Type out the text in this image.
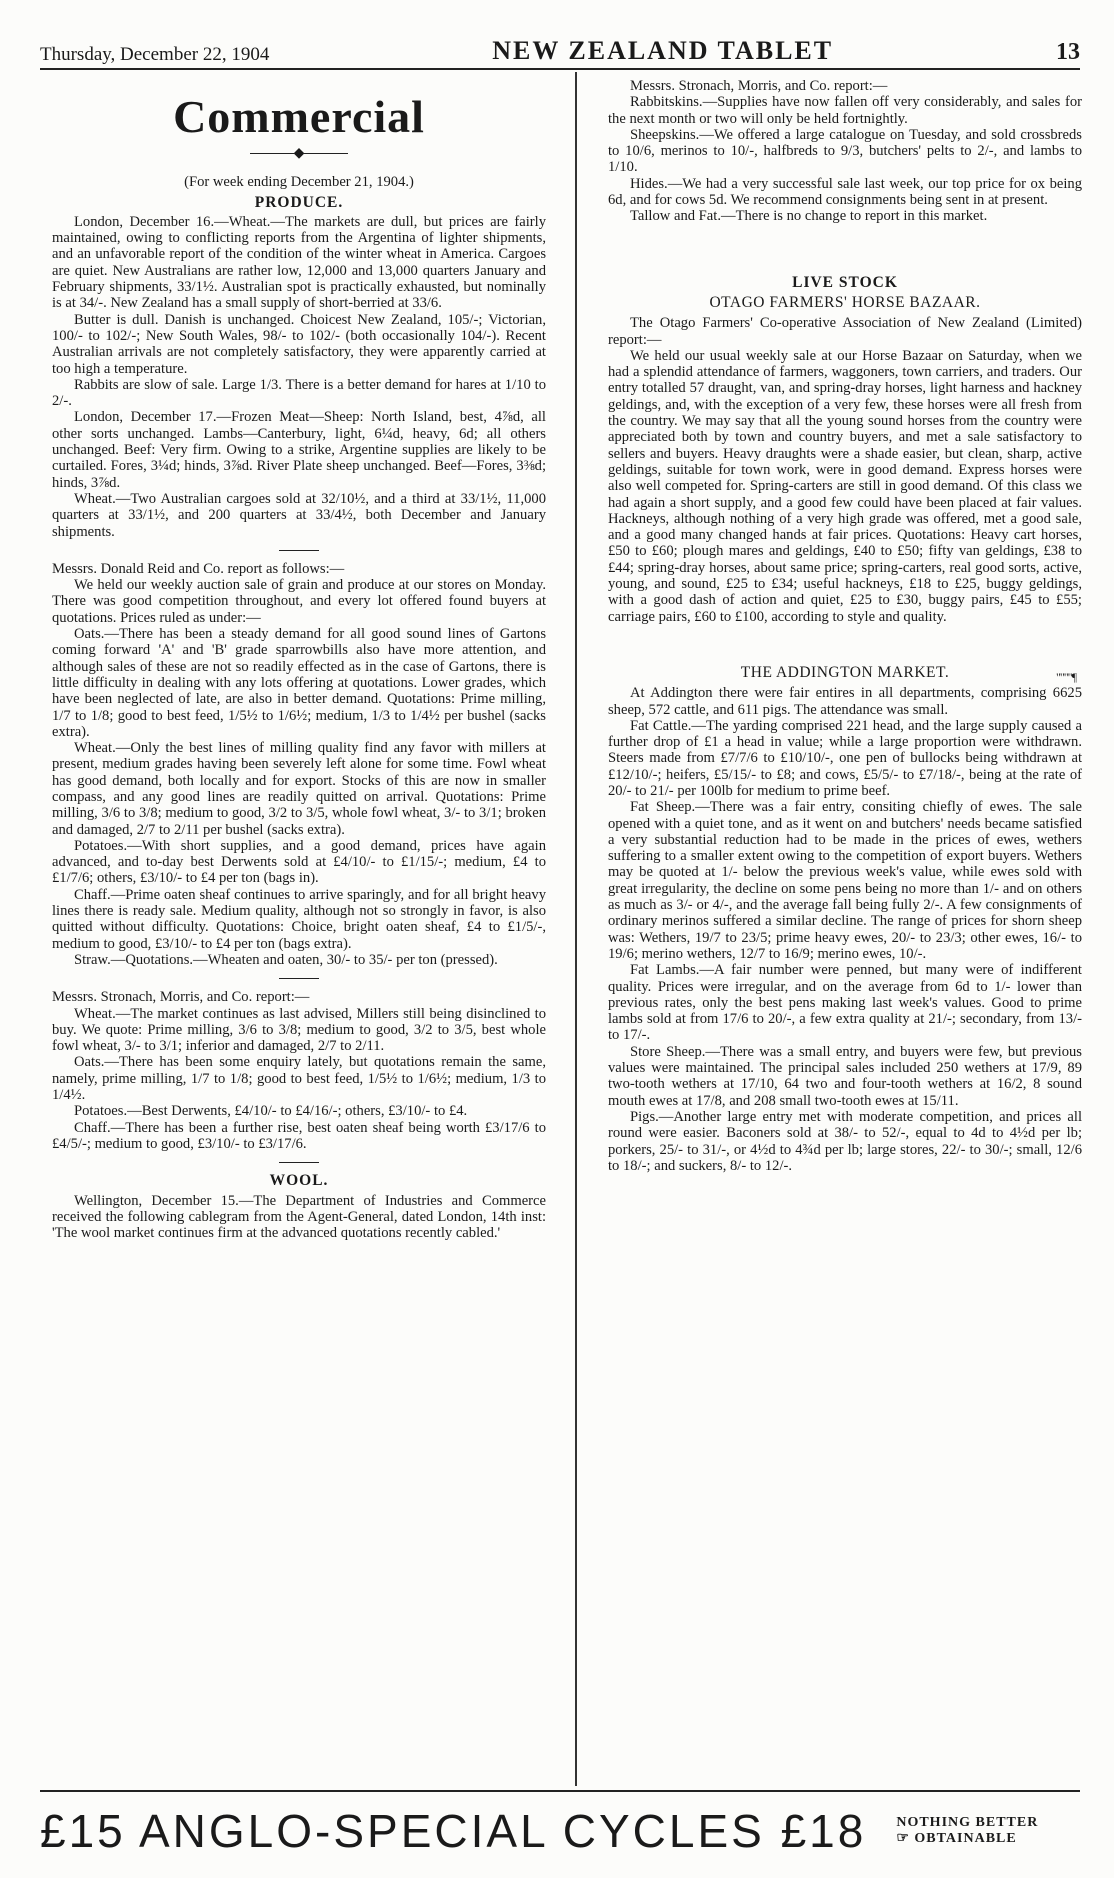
Thursday, December 22, 1904	NEW ZEALAND TABLET	13
Commercial
◆

(For week ending December 21, 1904.)

PRODUCE.

London, December 16.—Wheat.—The markets are dull, but prices are fairly maintained, owing to conflicting reports from the Argentina of lighter shipments, and an unfavorable report of the condition of the winter wheat in America. Cargoes are quiet. New Australians are rather low, 12,000 and 13,000 quarters January and February shipments, 33/1½. Australian spot is practically exhausted, but nominally is at 34/-. New Zealand has a small supply of short-berried at 33/6.

Butter is dull. Danish is unchanged. Choicest New Zealand, 105/-; Victorian, 100/- to 102/-; New South Wales, 98/- to 102/- (both occasionally 104/-). Recent Australian arrivals are not completely satisfactory, they were apparently carried at too high a temperature.

Rabbits are slow of sale. Large 1/3. There is a better demand for hares at 1/10 to 2/-.

London, December 17.—Frozen Meat—Sheep: North Island, best, 4⅞d, all other sorts unchanged. Lambs—Canterbury, light, 6¼d, heavy, 6d; all others unchanged. Beef: Very firm. Owing to a strike, Argentine supplies are likely to be curtailed. Fores, 3¼d; hinds, 3⅞d. River Plate sheep unchanged. Beef—Fores, 3⅜d; hinds, 3⅞d.

Wheat.—Two Australian cargoes sold at 32/10½, and a third at 33/1½, 11,000 quarters at 33/1½, and 200 quarters at 33/4½, both December and January shipments.

Messrs. Donald Reid and Co. report as follows:—

We held our weekly auction sale of grain and produce at our stores on Monday. There was good competition throughout, and every lot offered found buyers at quotations. Prices ruled as under:—

Oats.—There has been a steady demand for all good sound lines of Gartons coming forward 'A' and 'B' grade sparrowbills also have more attention, and although sales of these are not so readily effected as in the case of Gartons, there is little difficulty in dealing with any lots offering at quotations. Lower grades, which have been neglected of late, are also in better demand. Quotations: Prime milling, 1/7 to 1/8; good to best feed, 1/5½ to 1/6½; medium, 1/3 to 1/4½ per bushel (sacks extra).

Wheat.—Only the best lines of milling quality find any favor with millers at present, medium grades having been severely left alone for some time. Fowl wheat has good demand, both locally and for export. Stocks of this are now in smaller compass, and any good lines are readily quitted on arrival. Quotations: Prime milling, 3/6 to 3/8; medium to good, 3/2 to 3/5, whole fowl wheat, 3/- to 3/1; broken and damaged, 2/7 to 2/11 per bushel (sacks extra).

Potatoes.—With short supplies, and a good demand, prices have again advanced, and to-day best Derwents sold at £4/10/- to £1/15/-; medium, £4 to £1/7/6; others, £3/10/- to £4 per ton (bags in).

Chaff.—Prime oaten sheaf continues to arrive sparingly, and for all bright heavy lines there is ready sale. Medium quality, although not so strongly in favor, is also quitted without difficulty. Quotations: Choice, bright oaten sheaf, £4 to £1/5/-, medium to good, £3/10/- to £4 per ton (bags extra).

Straw.—Quotations.—Wheaten and oaten, 30/- to 35/- per ton (pressed).

Messrs. Stronach, Morris, and Co. report:—

Wheat.—The market continues as last advised, Millers still being disinclined to buy. We quote: Prime milling, 3/6 to 3/8; medium to good, 3/2 to 3/5, best whole fowl wheat, 3/- to 3/1; inferior and damaged, 2/7 to 2/11.

Oats.—There has been some enquiry lately, but quotations remain the same, namely, prime milling, 1/7 to 1/8; good to best feed, 1/5½ to 1/6½; medium, 1/3 to 1/4½.

Potatoes.—Best Derwents, £4/10/- to £4/16/-; others, £3/10/- to £4.

Chaff.—There has been a further rise, best oaten sheaf being worth £3/17/6 to £4/5/-; medium to good, £3/10/- to £3/17/6.

WOOL.

Wellington, December 15.—The Department of Industries and Commerce received the following cablegram from the Agent-General, dated London, 14th inst: 'The wool market continues firm at the advanced quotations recently cabled.'

Messrs. Stronach, Morris, and Co. report:—

Rabbitskins.—Supplies have now fallen off very considerably, and sales for the next month or two will only be held fortnightly.

Sheepskins.—We offered a large catalogue on Tuesday, and sold crossbreds to 10/6, merinos to 10/-, halfbreds to 9/3, butchers' pelts to 2/-, and lambs to 1/10.

Hides.—We had a very successful sale last week, our top price for ox being 6d, and for cows 5d. We recommend consignments being sent in at present.

Tallow and Fat.—There is no change to report in this market.

LIVE STOCK
OTAGO FARMERS' HORSE BAZAAR.

The Otago Farmers' Co-operative Association of New Zealand (Limited) report:—

We held our usual weekly sale at our Horse Bazaar on Saturday, when we had a splendid attendance of farmers, waggoners, town carriers, and traders. Our entry totalled 57 draught, van, and spring-dray horses, light harness and hackney geldings, and, with the exception of a very few, these horses were all fresh from the country. We may say that all the young sound horses from the country were appreciated both by town and country buyers, and met a sale satisfactory to sellers and buyers. Heavy draughts were a shade easier, but clean, sharp, active geldings, suitable for town work, were in good demand. Express horses were also well competed for. Spring-carters are still in good demand. Of this class we had again a short supply, and a good few could have been placed at fair values. Hackneys, although nothing of a very high grade was offered, met a good sale, and a good many changed hands at fair prices. Quotations: Heavy cart horses, £50 to £60; plough mares and geldings, £40 to £50; fifty van geldings, £38 to £44; spring-dray horses, about same price; spring-carters, real good sorts, active, young, and sound, £25 to £34; useful hackneys, £18 to £25, buggy geldings, with a good dash of action and quiet, £25 to £30, buggy pairs, £45 to £55; carriage pairs, £60 to £100, according to style and quality.

THE ADDINGTON MARKET.	""""¶

At Addington there were fair entires in all departments, comprising 6625 sheep, 572 cattle, and 611 pigs. The attendance was small.

Fat Cattle.—The yarding comprised 221 head, and the large supply caused a further drop of £1 a head in value; while a large proportion were withdrawn. Steers made from £7/7/6 to £10/10/-, one pen of bullocks being withdrawn at £12/10/-; heifers, £5/15/- to £8; and cows, £5/5/- to £7/18/-, being at the rate of 20/- to 21/- per 100lb for medium to prime beef.

Fat Sheep.—There was a fair entry, consiting chiefly of ewes. The sale opened with a quiet tone, and as it went on and butchers' needs became satisfied a very substantial reduction had to be made in the prices of ewes, wethers suffering to a smaller extent owing to the competition of export buyers. Wethers may be quoted at 1/- below the previous week's value, while ewes sold with great irregularity, the decline on some pens being no more than 1/- and on others as much as 3/- or 4/-, and the average fall being fully 2/-. A few consignments of ordinary merinos suffered a similar decline. The range of prices for shorn sheep was: Wethers, 19/7 to 23/5; prime heavy ewes, 20/- to 23/3; other ewes, 16/- to 19/6; merino wethers, 12/7 to 16/9; merino ewes, 10/-.

Fat Lambs.—A fair number were penned, but many were of indifferent quality. Prices were irregular, and on the average from 6d to 1/- lower than previous rates, only the best pens making last week's values. Good to prime lambs sold at from 17/6 to 20/-, a few extra quality at 21/-; secondary, from 13/- to 17/-.

Store Sheep.—There was a small entry, and buyers were few, but previous values were maintained. The principal sales included 250 wethers at 17/9, 89 two-tooth wethers at 17/10, 64 two and four-tooth wethers at 16/2, 8 sound mouth ewes at 17/8, and 208 small two-tooth ewes at 15/11.

Pigs.—Another large entry met with moderate competition, and prices all round were easier. Baconers sold at 38/- to 52/-, equal to 4d to 4½d per lb; porkers, 25/- to 31/-, or 4½d to 4¾d per lb; large stores, 22/- to 30/-; small, 12/6 to 18/-; and suckers, 8/- to 12/-.

£15 ANGLO-SPECIAL CYCLES £18 NOTHING BETTER
☞ OBTAINABLE
